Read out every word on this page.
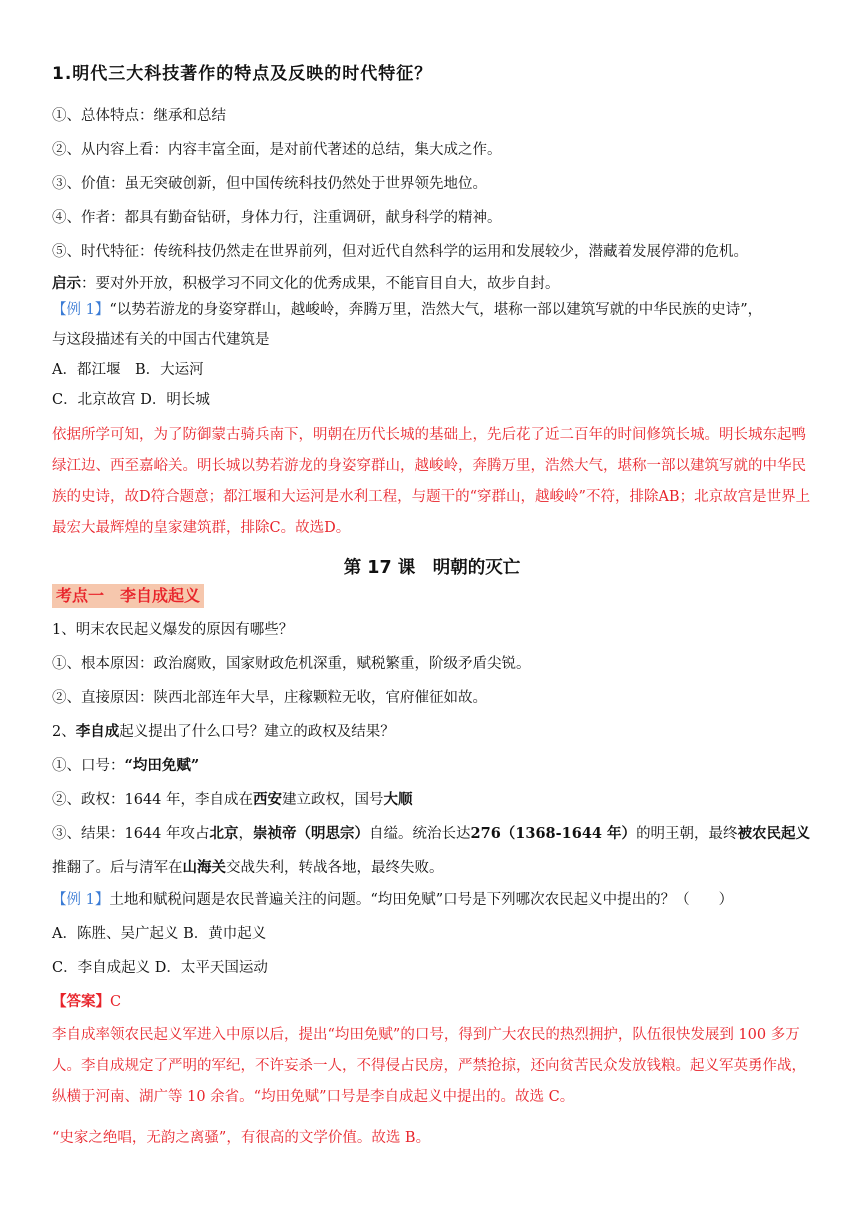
1.明代三大科技著作的特点及反映的时代特征？
①、总体特点：继承和总结
②、从内容上看：内容丰富全面，是对前代著述的总结，集大成之作。
③、价值：虽无突破创新，但中国传统科技仍然处于世界领先地位。
④、作者：都具有勤奋钻研，身体力行，注重调研，献身科学的精神。
⑤、时代特征：传统科技仍然走在世界前列，但对近代自然科学的运用和发展较少，潜藏着发展停滞的危机。
启示：要对外开放，积极学习不同文化的优秀成果，不能盲目自大，故步自封。
【例 1】“以势若游龙的身姿穿群山，越峻岭，奔腾万里，浩然大气，堪称一部以建筑写就的中华民族的史诗”，
与这段描述有关的中国古代建筑是
A．都江堰　 B．大运河
C．北京故宫 D．明长城
依据所学可知，为了防御蒙古骑兵南下，明朝在历代长城的基础上，先后花了近二百年的时间修筑长城。明长城东起鸭绿江边、西至嘉峪关。明长城以势若游龙的身姿穿群山，越峻岭，奔腾万里，浩然大气，堪称一部以建筑写就的中华民族的史诗，故D符合题意；都江堰和大运河是水利工程，与题干的“穿群山，越峻岭”不符，排除AB；北京故宫是世界上最宏大最辉煌的皇家建筑群，排除C。故选D。
第 17 课　明朝的灭亡
考点一　李自成起义
1、明末农民起义爆发的原因有哪些？
①、根本原因：政治腐败，国家财政危机深重，赋税繁重，阶级矛盾尖锐。
②、直接原因：陕西北部连年大旱，庄稼颗粒无收，官府催征如故。
2、李自成起义提出了什么口号？建立的政权及结果？
①、口号：“均田免赋”
②、政权：1644 年，李自成在西安建立政权，国号大顺
③、结果：1644 年攻占北京，崇祯帝（明思宗）自缢。统治长达276（1368-1644 年）的明王朝，最终被农民起义
推翻了。后与清军在山海关交战失利，转战各地，最终失败。
【例 1】土地和赋税问题是农民普遍关注的问题。“均田免赋”口号是下列哪次农民起义中提出的？（　　）
A．陈胜、吴广起义 B．黄巾起义
C．李自成起义 D．太平天国运动
【答案】C
李自成率领农民起义军进入中原以后，提出“均田免赋”的口号，得到广大农民的热烈拥护，队伍很快发展到 100 多万人。李自成规定了严明的军纪，不许妄杀一人，不得侵占民房，严禁抢掠，还向贫苦民众发放钱粮。起义军英勇作战，纵横于河南、湖广等 10 余省。“均田免赋”口号是李自成起义中提出的。故选 C。
“史家之绝唱，无韵之离骚”，有很高的文学价值。故选 B。
